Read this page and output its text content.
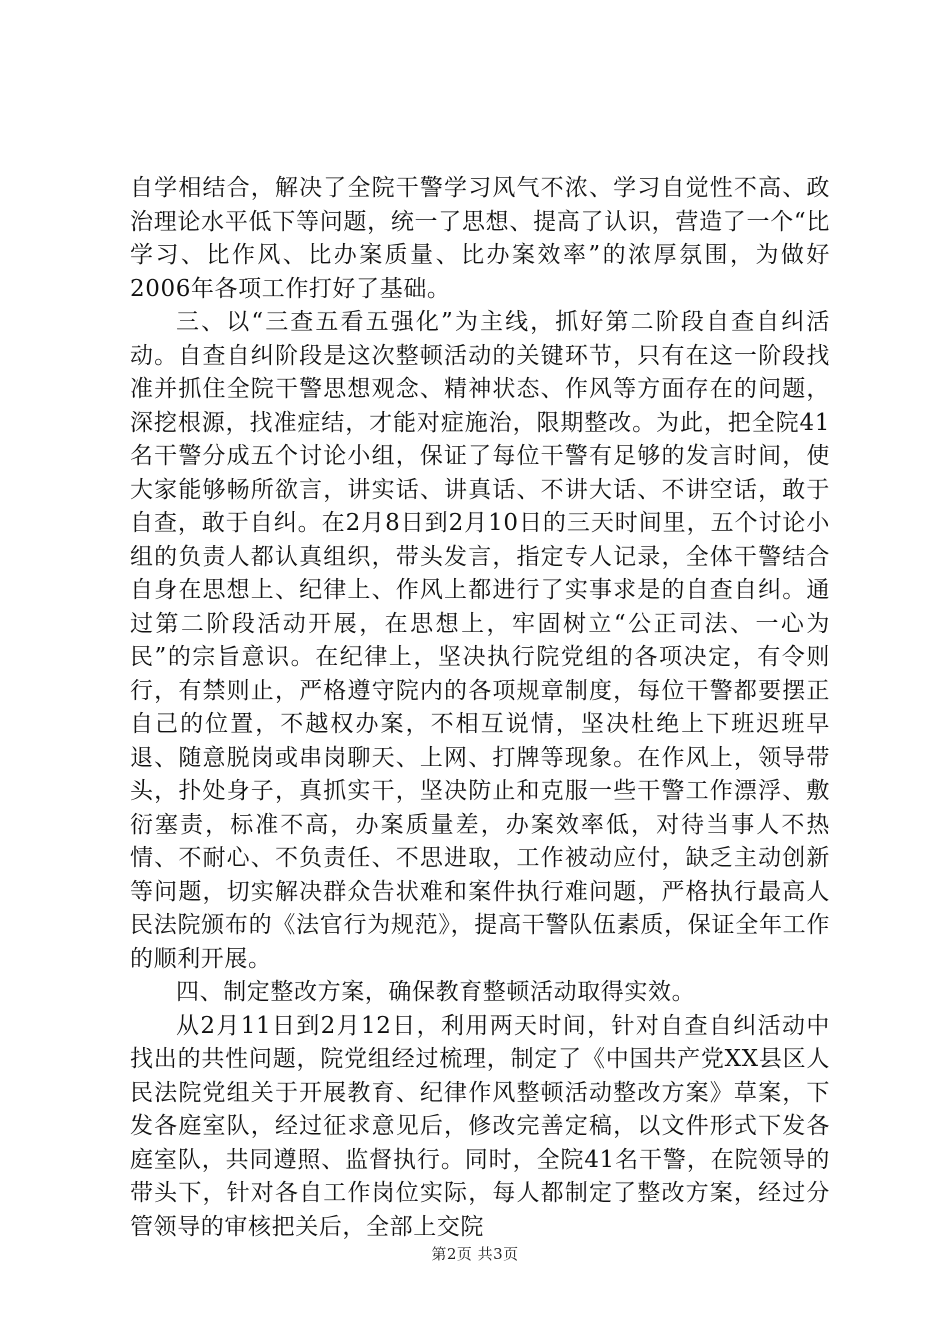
自学相结合，解决了全院干警学习风气不浓、学习自觉性不高、政治理论水平低下等问题，统一了思想、提高了认识，营造了一个“比学习、比作风、比办案质量、比办案效率”的浓厚氛围，为做好2006年各项工作打好了基础。

三、以“三查五看五强化”为主线，抓好第二阶段自查自纠活动。自查自纠阶段是这次整顿活动的关键环节，只有在这一阶段找准并抓住全院干警思想观念、精神状态、作风等方面存在的问题，深挖根源，找准症结，才能对症施治，限期整改。为此，把全院41名干警分成五个讨论小组，保证了每位干警有足够的发言时间，使大家能够畅所欲言，讲实话、讲真话、不讲大话、不讲空话，敢于自查，敢于自纠。在2月8日到2月10日的三天时间里，五个讨论小组的负责人都认真组织，带头发言，指定专人记录，全体干警结合自身在思想上、纪律上、作风上都进行了实事求是的自查自纠。通过第二阶段活动开展，在思想上，牢固树立“公正司法、一心为民”的宗旨意识。在纪律上，坚决执行院党组的各项决定，有令则行，有禁则止，严格遵守院内的各项规章制度，每位干警都要摆正自己的位置，不越权办案，不相互说情，坚决杜绝上下班迟班早退、随意脱岗或串岗聊天、上网、打牌等现象。在作风上，领导带头，扑处身子，真抓实干，坚决防止和克服一些干警工作漂浮、敷衍塞责，标准不高，办案质量差，办案效率低，对待当事人不热情、不耐心、不负责任、不思进取，工作被动应付，缺乏主动创新等问题，切实解决群众告状难和案件执行难问题，严格执行最高人民法院颁布的《法官行为规范》，提高干警队伍素质，保证全年工作的顺利开展。

四、制定整改方案，确保教育整顿活动取得实效。

从2月11日到2月12日，利用两天时间，针对自查自纠活动中找出的共性问题，院党组经过梳理，制定了《中国共产党XX县区人民法院党组关于开展教育、纪律作风整顿活动整改方案》草案，下发各庭室队，经过征求意见后，修改完善定稿，以文件形式下发各庭室队，共同遵照、监督执行。同时，全院41名干警，在院领导的带头下，针对各自工作岗位实际，每人都制定了整改方案，经过分管领导的审核把关后，全部上交院

第2页 共3页
